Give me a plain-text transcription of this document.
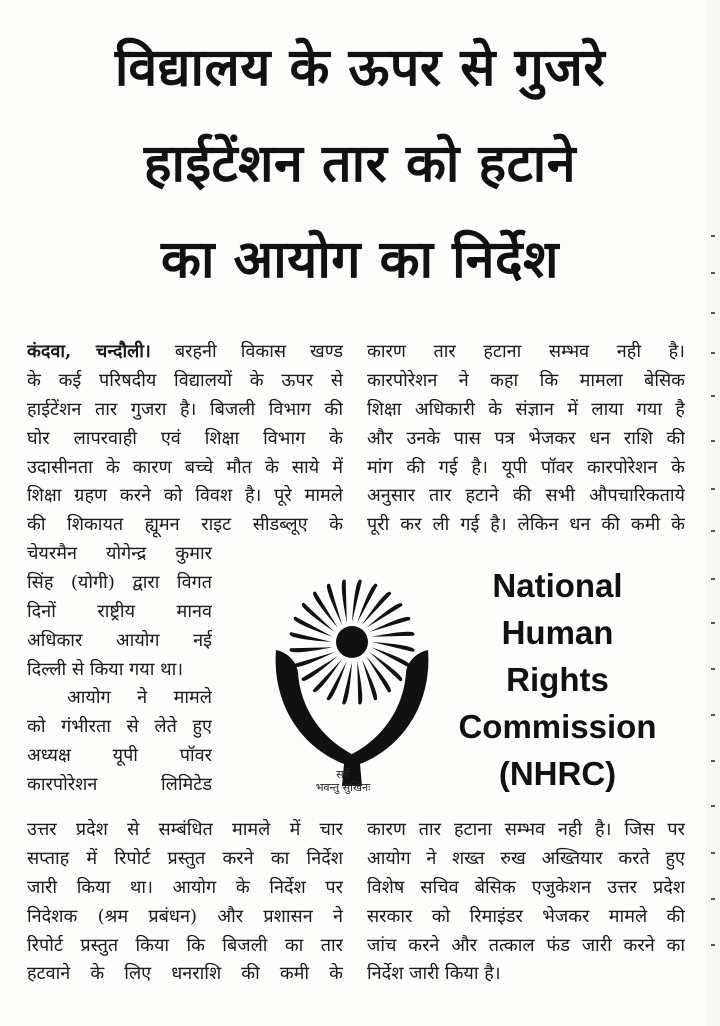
विद्यालय के ऊपर से गुजरे
हाईटेंशन तार को हटाने
का आयोग का निर्देश
कंदवा, चन्दौली। बरहनी विकास खण्ड
के कई परिषदीय विद्यालयों के ऊपर से
हाईटेंशन तार गुजरा है। बिजली विभाग की
घोर लापरवाही एवं शिक्षा विभाग के
उदासीनता के कारण बच्चे मौत के साये में
शिक्षा ग्रहण करने को विवश है। पूरे मामले
की शिकायत ह्यूमन राइट सीडब्लूए के
चेयरमैन योगेन्द्र कुमार
सिंह (योगी) द्वारा विगत
दिनों राष्ट्रीय मानव
अधिकार आयोग नई
दिल्ली से किया गया था।
आयोग ने मामले
को गंभीरता से लेते हुए
अध्यक्ष यूपी पॉवर
कारपोरेशन लिमिटेड
उत्तर प्रदेश से सम्बंधित मामले में चार
सप्ताह में रिपोर्ट प्रस्तुत करने का निर्देश
जारी किया था। आयोग के निर्देश पर
निदेशक (श्रम प्रबंधन) और प्रशासन ने
रिपोर्ट प्रस्तुत किया कि बिजली का तार
हटवाने के लिए धनराशि की कमी के
कारण तार हटाना सम्भव नही है।
कारपोरेशन ने कहा कि मामला बेसिक
शिक्षा अधिकारी के संज्ञान में लाया गया है
और उनके पास पत्र भेजकर धन राशि की
मांग की गई है। यूपी पॉवर कारपोरेशन के
अनुसार तार हटाने की सभी औपचारिकताये
पूरी कर ली गई है। लेकिन धन की कमी के
कारण तार हटाना सम्भव नही है। जिस पर
आयोग ने शख्त रुख अख्तियार करते हुए
विशेष सचिव बेसिक एजुकेशन उत्तर प्रदेश
सरकार को रिमाइंडर भेजकर मामले की
जांच करने और तत्काल फंड जारी करने का
निर्देश जारी किया है।
सर्वे
भवन्तु सुखिनः
National
Human
Rights
Commission
(NHRC)
